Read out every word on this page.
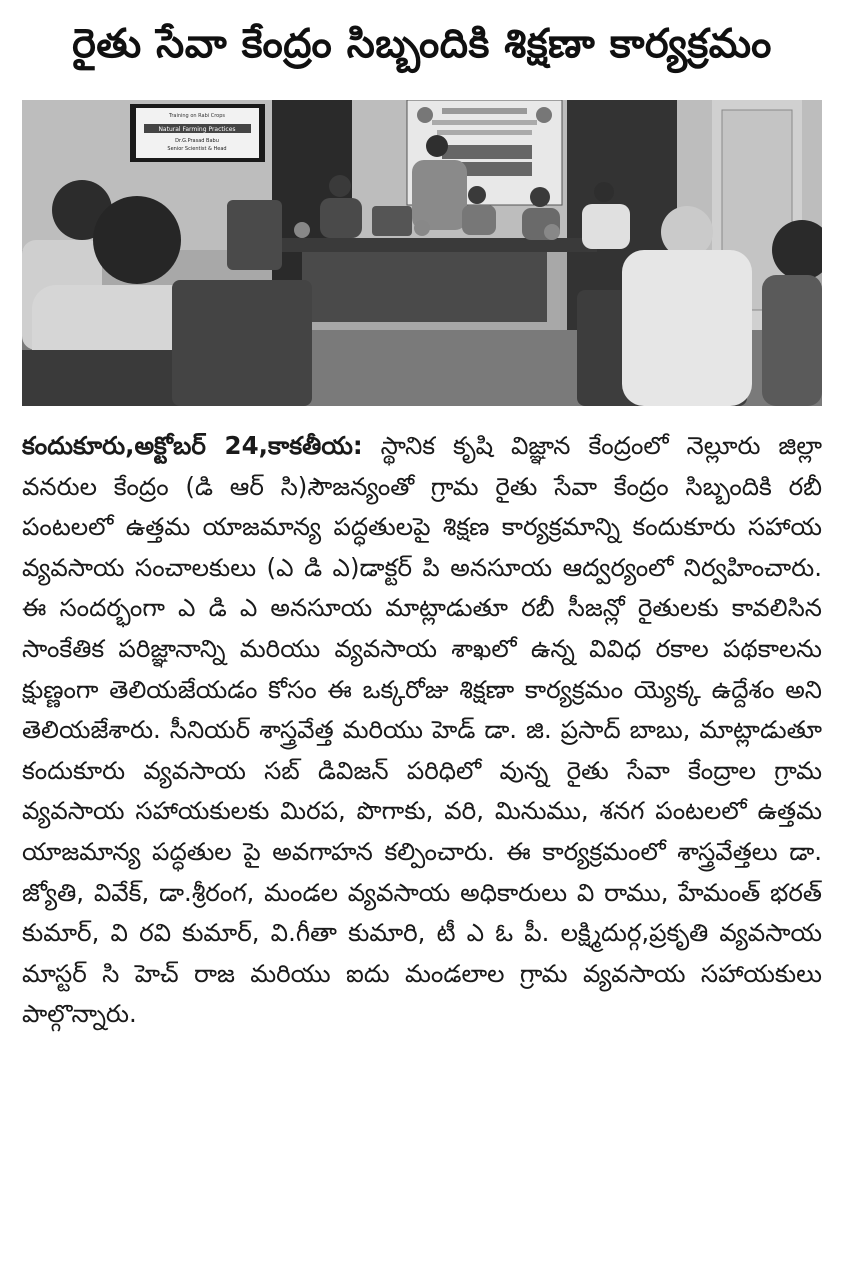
రైతు సేవా కేంద్రం సిబ్బందికి శిక్షణా కార్యక్రమం
Training on Rabi Crops
Natural Farming Practices
Dr.G.Prasad Babu
Senior Scientist & Head
కందుకూరు,అక్టోబర్ 24,కాకతీయ: స్థానిక కృషి విజ్ఞాన కేంద్రంలో నెల్లూరు జిల్లా వనరుల కేంద్రం (డి ఆర్ సి)సౌజన్యంతో గ్రామ రైతు సేవా కేంద్రం సిబ్బందికి రబీ పంటలలో ఉత్తమ యాజమాన్య పద్ధతులపై శిక్షణ కార్యక్రమాన్ని కందుకూరు సహాయ వ్యవసాయ సంచాలకులు (ఎ డి ఎ)డాక్టర్ పి అనసూయ ఆద్వర్యంలో నిర్వహించారు. ఈ సందర్భంగా ఎ డి ఎ అనసూయ మాట్లాడుతూ రబీ సీజన్లో రైతులకు కావలిసిన సాంకేతిక పరిజ్ఞానాన్ని మరియు వ్యవసాయ శాఖలో ఉన్న వివిధ రకాల పథకాలను క్షుణ్ణంగా తెలియజేయడం కోసం ఈ ఒక్కరోజు శిక్షణా కార్యక్రమం య్యెక్క ఉద్దేశం అని తెలియజేశారు. సీనియర్ శాస్త్రవేత్త మరియు హెడ్ డా. జి. ప్రసాద్ బాబు, మాట్లాడుతూ కందుకూరు వ్యవసాయ సబ్ డివిజన్ పరిధిలో వున్న రైతు సేవా కేంద్రాల గ్రామ వ్యవసాయ సహాయకులకు మిరప, పొగాకు, వరి, మినుము, శనగ పంటలలో ఉత్తమ యాజమాన్య పద్ధతుల పై అవగాహన కల్పించారు. ఈ కార్యక్రమంలో శాస్త్రవేత్తలు డా. జ్యోతి, వివేక్, డా.శ్రీరంగ, మండల వ్యవసాయ అధికారులు వి రాము, హేమంత్ భరత్ కుమార్, వి రవి కుమార్, వి.గీతా కుమారి, టీ ఎ ఓ పీ. లక్ష్మిదుర్గ,ప్రకృతి వ్యవసాయ మాస్టర్ సి హెచ్ రాజ మరియు ఐదు మండలాల గ్రామ వ్యవసాయ సహాయకులు పాల్గొన్నారు.
